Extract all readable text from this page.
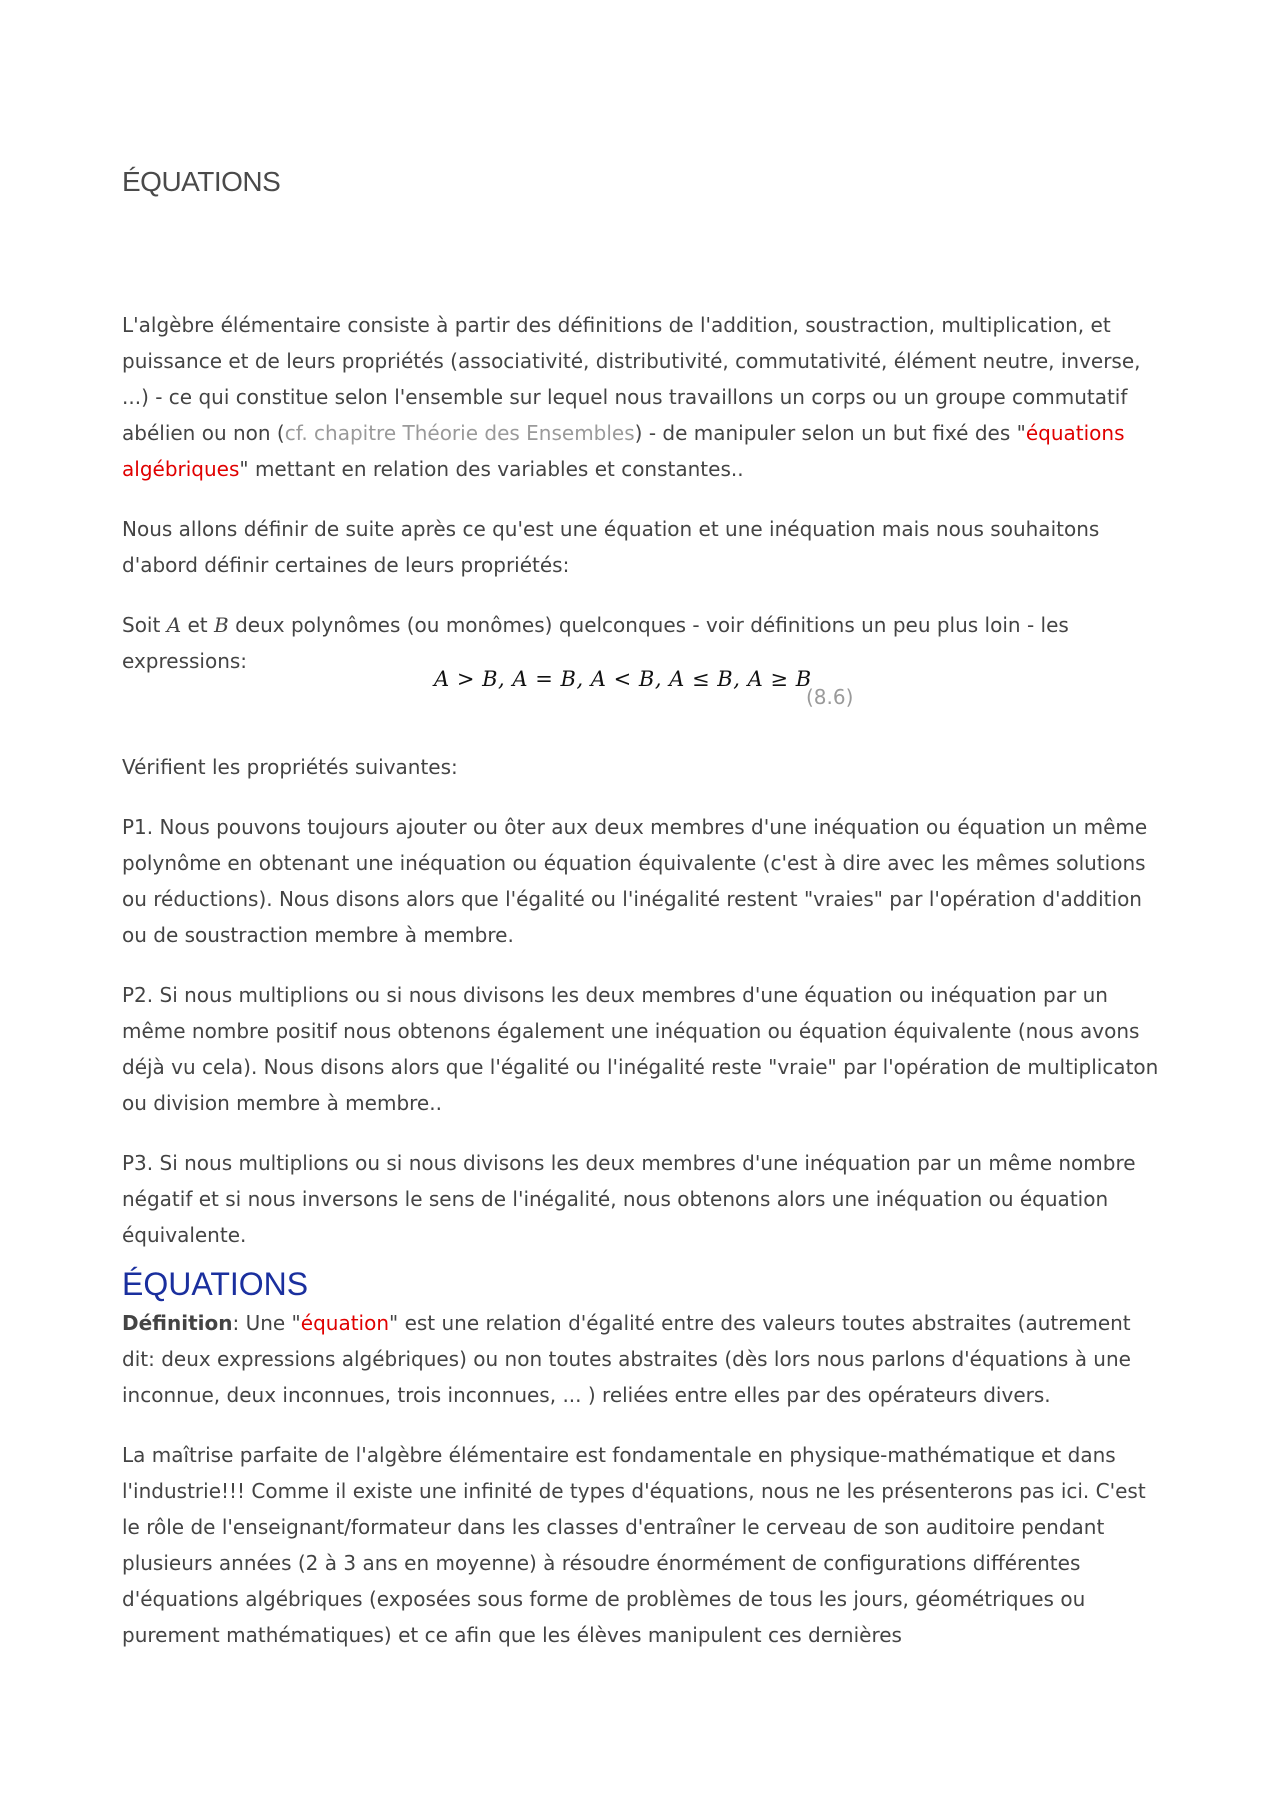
ÉQUATIONS

L'algèbre élémentaire consiste à partir des définitions de l'addition, soustraction, multiplication, et puissance et de leurs propriétés (associativité, distributivité, commutativité, élément neutre, inverse, ...) - ce qui constitue selon l'ensemble sur lequel nous travaillons un corps ou un groupe commutatif abélien ou non (cf. chapitre Théorie des Ensembles) - de manipuler selon un but fixé des "équations algébriques" mettant en relation des variables et constantes..

Nous allons définir de suite après ce qu'est une équation et une inéquation mais nous souhaitons d'abord définir certaines de leurs propriétés:

Soit A et B deux polynômes (ou monômes) quelconques - voir définitions un peu plus loin - les expressions:

A > B, A = B, A < B, A ≤ B, A ≥ B
(8.6)

Vérifient les propriétés suivantes:

P1. Nous pouvons toujours ajouter ou ôter aux deux membres d'une inéquation ou équation un même polynôme en obtenant une inéquation ou équation équivalente (c'est à dire avec les mêmes solutions ou réductions). Nous disons alors que l'égalité ou l'inégalité restent "vraies" par l'opération d'addition ou de soustraction membre à membre.

P2. Si nous multiplions ou si nous divisons les deux membres d'une équation ou inéquation par un même nombre positif nous obtenons également une inéquation ou équation équivalente (nous avons déjà vu cela). Nous disons alors que l'égalité ou l'inégalité reste "vraie" par l'opération de multiplicaton ou division membre à membre..

P3. Si nous multiplions ou si nous divisons les deux membres d'une inéquation par un même nombre négatif et si nous inversons le sens de l'inégalité, nous obtenons alors une inéquation ou équation équivalente.

ÉQUATIONS

Définition: Une "équation" est une relation d'égalité entre des valeurs toutes abstraites (autrement dit: deux expressions algébriques) ou non toutes abstraites (dès lors nous parlons d'équations à une inconnue, deux inconnues, trois inconnues, ... ) reliées entre elles par des opérateurs divers.

La maîtrise parfaite de l'algèbre élémentaire est fondamentale en physique-mathématique et dans l'industrie!!! Comme il existe une infinité de types d'équations, nous ne les présenterons pas ici. C'est le rôle de l'enseignant/formateur dans les classes d'entraîner le cerveau de son auditoire pendant plusieurs années (2 à 3 ans en moyenne) à résoudre énormément de configurations différentes d'équations algébriques (exposées sous forme de problèmes de tous les jours, géométriques ou purement mathématiques) et ce afin que les élèves manipulent ces dernières
